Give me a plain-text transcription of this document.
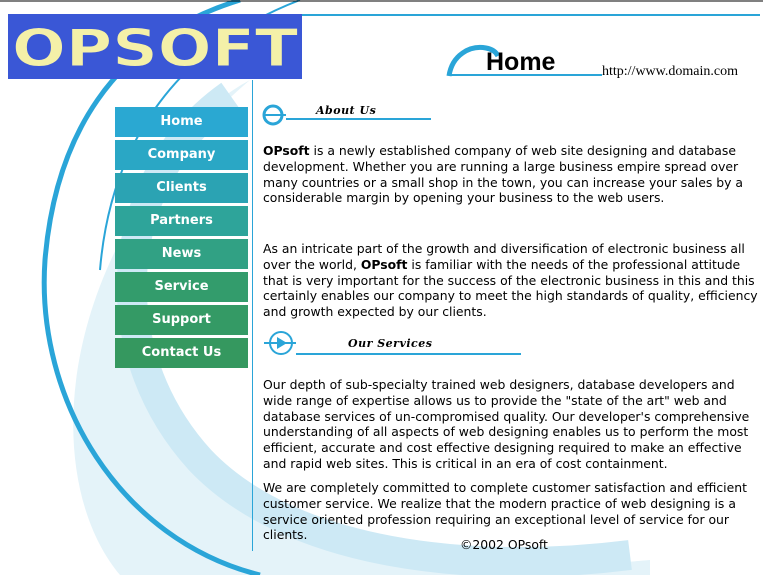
OPSOFT	Home	http://www.domain.com
Home
Company
Clients
Partners
News
Service
Support
Contact Us
About Us

OPsoft is a newly established company of web site designing and database development. Whether you are running a large business empire spread over many countries or a small shop in the town, you can increase your sales by a considerable margin by opening your business to the web users.

As an intricate part of the growth and diversification of electronic business all over the world, OPsoft is familiar with the needs of the professional attitude that is very important for the success of the electronic business in this and this certainly enables our company to meet the high standards of quality, efficiency and growth expected by our clients.

Our Services

Our depth of sub-specialty trained web designers, database developers and wide range of expertise allows us to provide the "state of the art" web and database services of un-compromised quality. Our developer's comprehensive understanding of all aspects of web designing enables us to perform the most efficient, accurate and cost effective designing required to make an effective and rapid web sites. This is critical in an era of cost containment.

We are completely committed to complete customer satisfaction and efficient customer service. We realize that the modern practice of web designing is a service oriented profession requiring an exceptional level of service for our clients.

©2002 OPsoft
